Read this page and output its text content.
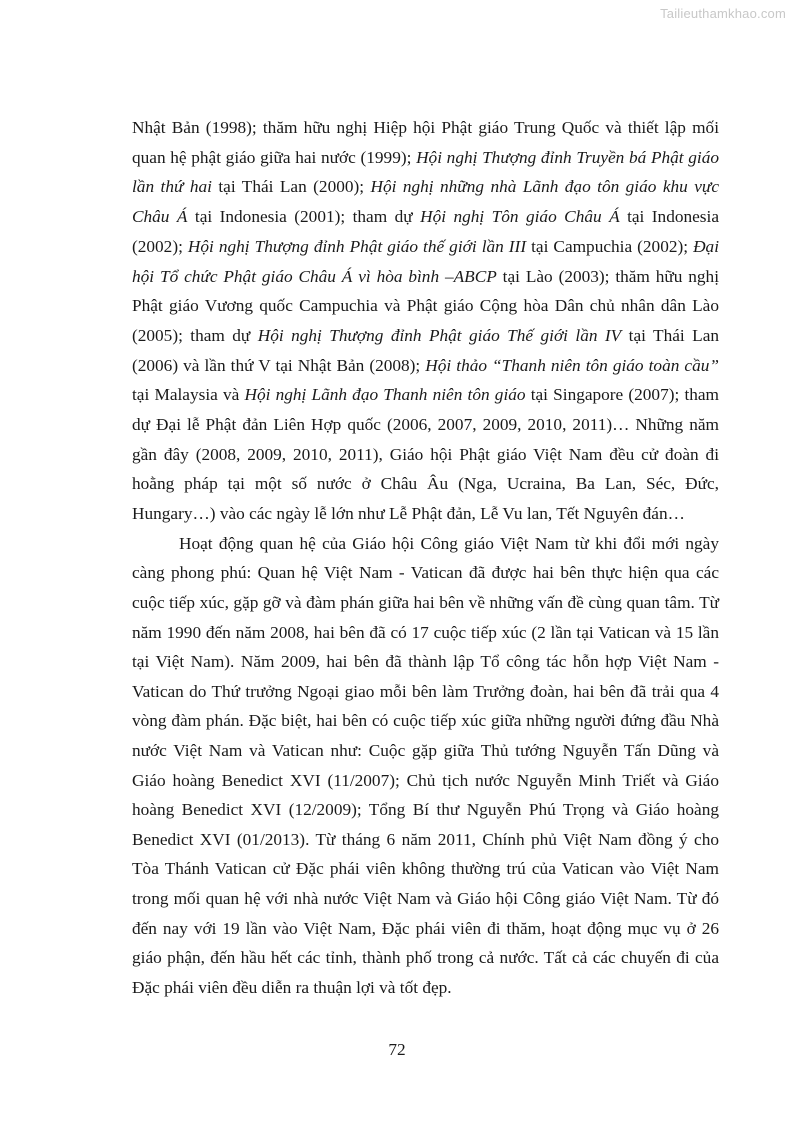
Tailieuthamkhao.com

Nhật Bản (1998); thăm hữu nghị Hiệp hội Phật giáo Trung Quốc và thiết lập mối quan hệ phật giáo giữa hai nước (1999); Hội nghị Thượng đỉnh Truyền bá Phật giáo lần thứ hai tại Thái Lan (2000); Hội nghị những nhà Lãnh đạo tôn giáo khu vực Châu Á tại Indonesia (2001); tham dự Hội nghị Tôn giáo Châu Á tại Indonesia (2002); Hội nghị Thượng đỉnh Phật giáo thế giới lần III tại Campuchia (2002); Đại hội Tổ chức Phật giáo Châu Á vì hòa bình –ABCP tại Lào (2003); thăm hữu nghị Phật giáo Vương quốc Campuchia và Phật giáo Cộng hòa Dân chủ nhân dân Lào (2005); tham dự Hội nghị Thượng đỉnh Phật giáo Thế giới lần IV tại Thái Lan (2006) và lần thứ V tại Nhật Bản (2008); Hội thảo “Thanh niên tôn giáo toàn cầu” tại Malaysia và Hội nghị Lãnh đạo Thanh niên tôn giáo tại Singapore (2007); tham dự Đại lễ Phật đản Liên Hợp quốc (2006, 2007, 2009, 2010, 2011)… Những năm gần đây (2008, 2009, 2010, 2011), Giáo hội Phật giáo Việt Nam đều cử đoàn đi hoằng pháp tại một số nước ở Châu Âu (Nga, Ucraina, Ba Lan, Séc, Đức, Hungary…) vào các ngày lễ lớn như Lễ Phật đản, Lễ Vu lan, Tết Nguyên đán…

Hoạt động quan hệ của Giáo hội Công giáo Việt Nam từ khi đổi mới ngày càng phong phú: Quan hệ Việt Nam - Vatican đã được hai bên thực hiện qua các cuộc tiếp xúc, gặp gỡ và đàm phán giữa hai bên về những vấn đề cùng quan tâm. Từ năm 1990 đến năm 2008, hai bên đã có 17 cuộc tiếp xúc (2 lần tại Vatican và 15 lần tại Việt Nam). Năm 2009, hai bên đã thành lập Tổ công tác hỗn hợp Việt Nam - Vatican do Thứ trưởng Ngoại giao mỗi bên làm Trưởng đoàn, hai bên đã trải qua 4 vòng đàm phán. Đặc biệt, hai bên có cuộc tiếp xúc giữa những người đứng đầu Nhà nước Việt Nam và Vatican như: Cuộc gặp giữa Thủ tướng Nguyễn Tấn Dũng và Giáo hoàng Benedict XVI (11/2007); Chủ tịch nước Nguyễn Minh Triết và Giáo hoàng Benedict XVI (12/2009); Tổng Bí thư Nguyễn Phú Trọng và Giáo hoàng Benedict XVI (01/2013). Từ tháng 6 năm 2011, Chính phủ Việt Nam đồng ý cho Tòa Thánh Vatican cử Đặc phái viên không thường trú của Vatican vào Việt Nam trong mối quan hệ với nhà nước Việt Nam và Giáo hội Công giáo Việt Nam. Từ đó đến nay với 19 lần vào Việt Nam, Đặc phái viên đi thăm, hoạt động mục vụ ở 26 giáo phận, đến hầu hết các tỉnh, thành phố trong cả nước. Tất cả các chuyến đi của Đặc phái viên đều diễn ra thuận lợi và tốt đẹp.

72
